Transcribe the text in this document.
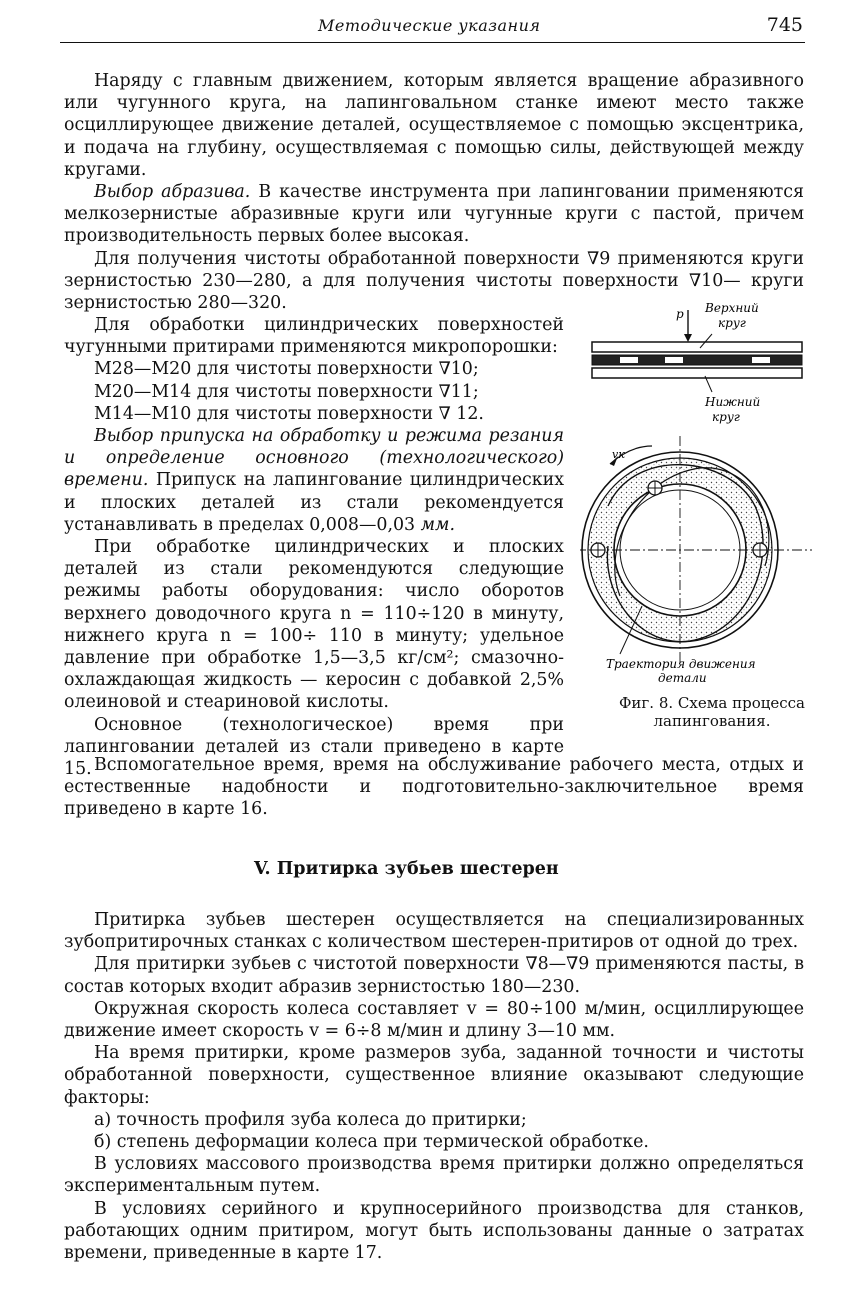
Методические указания	745

Наряду с главным движением, которым является вращение абразивного или чугунного круга, на лапинговальном станке имеют место также осциллирующее движение деталей, осуществляемое с помощью эксцентрика, и подача на глубину, осуществляемая с помощью силы, действующей между кругами.

Выбор абразива. В качестве инструмента при лапинговании применяются мелкозернистые абразивные круги или чугунные круги с пастой, причем производительность первых более высокая.

Для получения чистоты обработанной поверхности ∇9 применяются круги зернистостью 230—280, а для получения чистоты поверхности ∇10— круги зернистостью 280—320.

Для обработки цилиндрических поверхностей чугунными притирами применяются микропорошки:

М28—М20 для чистоты поверхности ∇10;

М20—М14 для чистоты поверхности ∇11;

М14—М10 для чистоты поверхности ∇ 12.

Выбор припуска на обработку и режима резания и определение основного (технологического) времени. Припуск на лапингование цилиндрических и плоских деталей из стали рекомендуется устанавливать в пределах 0,008—0,03 мм.

При обработке цилиндрических и плоских деталей из стали рекомендуются следующие режимы работы оборудования: число оборотов верхнего доводочного круга n = 110÷120 в минуту, нижнего круга n = 100÷ 110 в минуту; удельное давление при обработке 1,5—3,5 кг/см²; смазочно-охлаждающая жидкость — керосин с добавкой 2,5% олеиновой и стеариновой кислоты.

Основное (технологическое) время при лапинговании деталей из стали приведено в карте 15. Вспомогательное время, время на обслуживание рабочего места, отдых и естественные надобности и подготовительно-заключительное время приведено в карте 16.

V. Притирка зубьев шестерен

Притирка зубьев шестерен осуществляется на специализированных зубопритирочных станках с количеством шестерен-притиров от одной до трех.

Для притирки зубьев с чистотой поверхности ∇8—∇9 применяются пасты, в состав которых входит абразив зернистостью 180—230.

Окружная скорость колеса составляет v = 80÷100 м/мин, осциллирующее движение имеет скорость v = 6÷8 м/мин и длину 3—10 мм.

На время притирки, кроме размеров зуба, заданной точности и чистоты обработанной поверхности, существенное влияние оказывают следующие факторы:

а) точность профиля зуба колеса до притирки;

б) степень деформации колеса при термической обработке.

В условиях массового производства время притирки должно определяться экспериментальным путем.

В условиях серийного и крупносерийного производства для станков, работающих одним притиром, могут быть использованы данные о затратах времени, приведенные в карте 17.

p Верхний круг
Нижний круг
vк
Траектория движения детали
Фиг. 8. Схема процесса лапингования.
